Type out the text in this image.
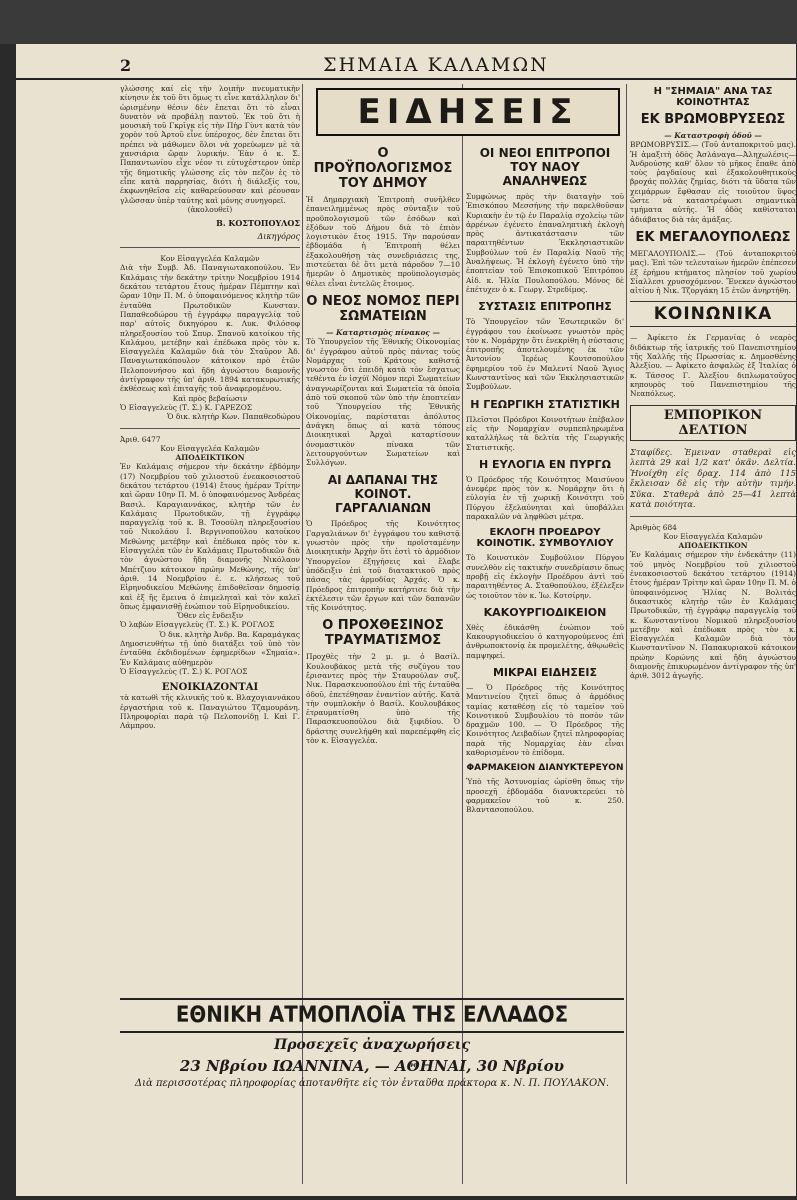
2	ΣΗΜΑΙΑ ΚΑΛΑΜΩΝ

γλώσσης καί εἰς τὴν λοιπὴν πνευματικὴν κίνησιν ἐκ τοῦ ὅτι ὅμως τι εἶνε κατάλληλον δι' ὡρισμένην θέσιν δὲν ἔπεται ὅτι τὸ εἶναι δυνατὸν νὰ προβάλῃ παντοῦ. Ἐκ τοῦ ὅτι ἡ μουσικὴ τοῦ Γκρῖγκ εἰς τὴν Πὴρ Γὺντ κατὰ τὸν χορὸν τοῦ Ἀρτοῦ εἶνε ὑπέροχος, δὲν ἔπεται ὅτι πρέπει νὰ μάθωμεν ὅλοι νὰ χορεύωμεν μὲ τὰ χανσιάρια ὥραν λυρικήν. Ἐὰν ὁ κ. Σ. Παπαντωνίου εἶχε νέον τι εὐτυχέστερον ὑπὲρ τῆς δημοτικῆς γλώσσης εἰς τὸν πεζὸν ἐς τὸ εἶπε κατὰ παρρησίας, διότι ἡ διάλεξίς του, ἐκφωνηθεῖσα εἰς καθαρεύουσαν καὶ ρέουσαν γλῶσσαν ὑπὲρ ταύτης καὶ μόνης συνηγορεῖ.

(ἀκολουθεῖ)

Β. ΚΟΣΤΟΠΟΥΛΟΣ
Δικηγόρος

Κον Εἰσαγγελέα Καλαμῶν

Διὰ τὴν Συμβ. Ἀδ. Παναγιωτακοπούλου. Ἐν Καλάμαις τὴν δεκάτην τρίτην Νοεμβρίου 1914 δεκάτου τετάρτου ἔτους ἡμέραν Πέμπτην καὶ ὥραν 10ην Π. Μ. ὁ ὑποφαινόμενος κλητὴρ τῶν ἐνταῦθα Πρωτοδικῶν Κωνσταν. Παπαθεοδώρου τῇ ἐγγράφῳ παραγγελίᾳ τοῦ παρ' αὐτοῖς δικηγόρου κ. Λυκ. Φιλόσοφ πληρεξουσίου τοῦ Σπυρ. Σπανοῦ κατοίκου τῆς Καλάμου, μετέβην καὶ ἐπέδωκα πρὸς τὸν κ. Εἰσαγγελέα Καλαμῶν διὰ τὸν Σταῦρον Ἀδ. Παναγιωτακόπουλον κάτοικον πρὸ ἐτῶν Πελοποννήσου καὶ ἤδη ἀγνώστου διαμονῆς ἀντίγραφον τῆς ὑπ' ἀριθ. 1894 κατακυρωτικῆς ἐκθέσεως καὶ ἐπιταγῆς τοῦ ἀναφερομένου.

Καὶ πρὸς βεβαίωσιν

Ὁ Εἰσαγγελεὺς (Τ. Σ.) Κ. ΓΑΡΕΖΟΣ

Ὁ δικ. κλητὴρ Κων. Παπαθεοδώρου

Ἀριθ. 6477

Κον Εἰσαγγελέα Καλαμῶν

ΑΠΟΔΕΙΚΤΙΚΟΝ

Ἐν Καλάμαις σήμερον τὴν δεκάτην ἑβδόμην (17) Νοεμβρίου τοῦ χιλιοστοῦ ἐνεακοσιοστοῦ δεκάτου τετάρτου (1914) ἔτους ἡμέραν Τρίτην καὶ ὥραν 10ην Π. Μ. ὁ ὑποφαινόμενος Ἀνδρέας Βασιλ. Καραγιαννάκος, κλητὴρ τῶν ἐν Καλάμαις Πρωτοδικῶν, τῇ ἐγγράφῳ παραγγελίᾳ τοῦ κ. Β. Τσοούλη πληρεξουσίου τοῦ Νικολάου Ι. Βεργινοπούλου κατοίκου Μεθώνης μετέβην καὶ ἐπέδωκα πρὸς τὸν κ. Εἰσαγγελέα τῶν ἐν Καλάμαις Πρωτοδικῶν διὰ τὸν ἀγνώστου ἤδη διαμονῆς Νικόλαον Μπέτζιου κάτοικον πρώην Μεθώνης, τῆς ὑπ' ἀριθ. 14 Νοεμβρίου ἐ. ε. κλήσεως τοῦ Εἰρηνοδικείου Μεθώνης ἐπιδοθεῖσαν δημοσίᾳ καὶ ἐξ ἣς ἔμεινα ὁ ἐπιμεληταὶ καὶ τὸν καλεῖ ὅπως ἐμφανισθῇ ἐνώπιον τοῦ Εἰρηνοδικείου.

Ὅθεν εἰς ἔνδειξιν

Ὁ λαβὼν Εἰσαγγελεὺς (Τ. Σ.) Κ. ΡΟΓΛΟΣ

Ὁ δικ. κλητὴρ Ἀνδρ. Βα. Καραμάγκας

Δημοσιευθήτω τῇ ὑπὸ διατάξει τοῦ ὑπὸ τὸν ἐνταῦθα ἐκδιδομένων ἐφημερίδων «Σημαία». Ἐν Καλάμαις αὐθημερὸν

Ὁ Εἰσαγγελεὺς (Τ. Σ.) Κ. ΡΟΓΛΟΣ

ΕΝΟΙΚΙΑΖΟΝΤΑΙ

τὰ κατωθὶ τῆς κλινικῆς τοῦ κ. Βλαχογιαννάκου ἐργαστήρια τοῦ κ. Παναγιώτου Τζαμουράνη. Πληροφορίαι παρὰ τῷ Πελοπονίδῃ Ι. Καὶ Γ. Λάμπρου.

ΕΙΔΗΣΕΙΣ
Ο ΠΡΟΫΠΟΛΟΓΙΣΜΟΣ ΤΟΥ ΔΗΜΟΥ

Ἡ Δημαρχιακὴ Ἐπιτροπὴ συνῆλθεν ἐπανειλημμένως πρὸς σύνταξιν τοῦ προϋπολογισμοῦ τῶν ἐσόδων καὶ ἐξόδων τοῦ Δήμου διὰ τὸ ἐπιὸν λογιστικὸν ἔτος 1915. Τὴν παρούσαν ἑβδομάδα ἡ Ἐπιτροπὴ θέλει ἐξακολουθήσῃ τὰς συνεδριάσεις της, πιστεύεται δὲ ὅτι μετὰ πάροδον 7—10 ἡμερῶν ὁ Δημοτικὸς προϋπολογισμὸς θέλει εἶναι ἐντελῶς ἕτοιμος.

Ο ΝΕΟΣ ΝΟΜΟΣ ΠΕΡΙ ΣΩΜΑΤΕΙΩΝ

— Καταρτισμὸς πίνακος —

Τὸ Ὑπουργεῖον τῆς Ἐθνικῆς Οἰκονομίας δι' ἐγγράφου αὐτοῦ πρὸς πάντας τοὺς Νομάρχας τοῦ Κράτους καθιστᾷ γνωστὸν ὅτι ἐπειδὴ κατὰ τὸν ἔσχατως τεθέντα ἐν ἰσχύϊ Νόμον περὶ Σωματείων ἀναγνωρίζονται καὶ Σωματεῖα τὰ ὁποῖα ἀπὸ τοῦ σκοποῦ τῶν ὑπὸ τὴν ἐποπτείαν τοῦ Ὑπουργείου τῆς Ἐθνικῆς Οἰκονομίας, παρίσταται ἀπόλυτος ἀνάγκη ὅπως αἱ κατὰ τόπους Διοικητικαὶ Ἀρχαὶ καταρτίσουν ὀνομαστικὸν πίνακα τῶν λειτουργούντων Σωματείων καὶ Συλλόγων.

ΑΙ ΔΑΠΑΝΑΙ ΤΗΣ ΚΟΙΝΟΤ. ΓΑΡΓΑΛΙΑΝΩΝ

Ὁ Πρόεδρος τῆς Κοινότητος Γαργαλιάνων δι' ἐγγράφου του καθιστᾷ γνωστὸν πρὸς τὴν προϊσταμένην Διοικητικὴν Ἀρχὴν ὅτι ἐστὶ τὸ ἀρμόδιον Ὑπουργεῖον ἐξηγήσεις καὶ ἔλαβε ὑπόδειξιν ἐπὶ τοῦ διατακτικοῦ πρὸς πάσας τὰς ἀρμοδίας Ἀρχάς. Ὁ κ. Πρόεδρος ἐπιτροπὴν κατήρτισε διὰ τὴν ἐκτέλεσιν τῶν ἔργων καὶ τῶν δαπανῶν τῆς Κοινότητος.

Ο ΠΡΟΧΘΕΣΙΝΟΣ ΤΡΑΥΜΑΤΙΣΜΟΣ

Προχθὲς τὴν 2 μ. μ. ὁ Βασίλ. Κουλουβάκος μετὰ τῆς συζύγου του ἔρισαντες πρὸς τὴν Σταυρούλαν συζ. Νικ. Παρασκευοπούλου ἐπὶ τῆς ἐνταῦθα ὁδοῦ, ἐπετέθησαν ἐναντίον αὐτῆς. Κατὰ τὴν συμπλοκὴν ὁ Βασίλ. Κουλουβάκος ἐτραυματίσθη ὑπὸ τῆς Παρασκευοπούλου διὰ ξιφιδίου. Ὁ δράστης συνελήφθη καὶ παρεπέμφθη εἰς τὸν κ. Εἰσαγγελέα.

ΟΙ ΝΕΟΙ ΕΠΙΤΡΟΠΟΙ ΤΟΥ ΝΑΟΥ ΑΝΑΛΗΨΕΩΣ

Συμφώνως πρὸς τὴν διαταγὴν τοῦ Ἐπισκόπου Μεσσήνης τὴν παρελθοῦσαν Κυριακὴν ἐν τῷ ἐν Παραλίᾳ σχολείῳ τῶν ἀρρένων ἐγένετο ἐπαναληπτικὴ ἐκλογὴ πρὸς ἀντικατάστασιν τῶν παραιτηθέντων Ἐκκλησιαστικῶν Συμβούλων τοῦ ἐν Παραλίᾳ Ναοῦ τῆς Ἀναλήψεως. Ἡ ἐκλογὴ ἐγένετο ὑπὸ τὴν ἐποπτείαν τοῦ Ἐπισκοπικοῦ Ἐπιτρόπου Αἰδ. κ. Ἠλία Πουλοπούλου. Μόνος δὲ ἐπέτυχεν ὁ κ. Γεωργ. Στρεδίμος.

ΣΥΣΤΑΣΙΣ ΕΠΙΤΡΟΠΗΣ

Τὸ Ὑπουργεῖον τῶν Ἐσωτερικῶν δι' ἐγγράφου του ἐκοίνωσε γνωστὸν πρὸς τὸν κ. Νομάρχην ὅτι ἐνεκρίθη ἡ σύστασις ἐπιτροπῆς ἀποτελουμένης ἐκ τῶν Ἀντονίου Ἰερέως Κουτσοπούλου ἐφημερίου τοῦ ἐν Μαλεντί Ναοῦ Ἅγιος Κωνσταντῖνος καὶ τῶν Ἐκκλησιαστικῶν Συμβούλων.

Η ΓΕΩΡΓΙΚΗ ΣΤΑΤΙΣΤΙΚΗ

Πλεῖστοι Πρόεδροι Κοινοτήτων ἐπέβαλον εἰς τὴν Νομαρχίαν συμπεπληρωμένα καταλλήλως τὰ δελτία τῆς Γεωργικῆς Στατιστικῆς.

Η ΕΥΛΟΓΙΑ ΕΝ ΠΥΡΓΩ

Ὁ Πρόεδρος τῆς Κοινότητος Μαισύνου ἀνεφέρε πρὸς τὸν κ. Νομάρχην ὅτι ἡ εὐλογία ἐν τῇ χωρικῇ Κοινότητι τοῦ Πύργου ἐξελαύνηται καὶ ὑποβάλλει παρακαλῶν νὰ ληφθῶσι μέτρα.

ΕΚΛΟΓΗ ΠΡΟΕΔΡΟΥ ΚΟΙΝΟΤΙΚ. ΣΥΜΒΟΥΛΙΟΥ

Τὸ Κοινοτικὸν Συμβούλιον Πύργου συνελθὸν εἰς τακτικὴν συνεδρίασιν ὅπως προβῇ εἰς ἐκλογὴν Προέδρου ἀντὶ τοῦ παραιτηθέντος Α. Σταθοπούλου, ἐξέλεξεν ὡς τοιοῦτον τὸν κ. Ἰω. Κοτσίρην.

ΚΑΚΟΥΡΓΙΟΔΙΚΕΙΟΝ

Χθὲς ἐδικάσθη ἐνώπιον τοῦ Κακουργιοδικείου ὁ κατηγορούμενος ἐπὶ ἀνθρωποκτονίᾳ ἐκ προμελέτης, ἀθῳωθεὶς παμψηφεί.

ΜΙΚΡΑΙ ΕΙΔΗΣΕΙΣ

— Ὁ Πρόεδρος τῆς Κοινότητος Μαντινείου ζητεῖ ὅπως ὁ ἀρμόδιος ταμίας καταθέσῃ εἰς τὸ ταμεῖον τοῦ Κοινοτικοῦ Συμβουλίου τὸ ποσὸν τῶν δραχμῶν 100. — Ὁ Πρόεδρος τῆς Κοινότητος Λειβαδίων ζητεῖ πληροφορίας παρὰ τῆς Νομαρχίας ἐὰν εἶναι καθορισμένον τὸ ἐπίδομα.

ΦΑΡΜΑΚΕΙΟΝ ΔΙΑΝΥΚΤΕΡΕΥΟΝ

Ὑπὸ τῆς Ἀστυνομίας ὡρίσθη ὅπως τὴν προσεχῆ ἑβδομάδα διανυκτερεύει τὸ φαρμακεῖον τοῦ κ. 250. Βλαντασοπούλου.

Η "ΣΗΜΑΙΑ" ΑΝΑ ΤΑΣ ΚΟΙΝΟΤΗΤΑΣ
ΕΚ ΒΡΩΜΟΒΡΥΣΕΩΣ

— Καταστροφὴ ὁδοῦ —

ΒΡΩΜΟΒΡΥΣΙΣ.— (Τοῦ ἀνταποκριτοῦ μας). Ἡ ἀμαξιτὴ ὁδὸς Ἀσλάναγα—Ἀληχωλέσις—Ἀνδρούσης καθ' ὅλον τὸ μῆκος ἔπαθε ἀπὸ τοὺς ῥαγδαίους καὶ ἐξακολουθητικοὺς βροχάς πολλὰς ζημίας, διότι τὰ ὕδατα τῶν χειμάρρων ἔφθασαν εἰς τοιοῦτον ὕψος ὥστε νὰ καταστρέψωσι σημαντικὰ τμήματα αὐτῆς. Ἡ ὁδὸς καθίσταται ἀδιάβατος διὰ τὰς ἁμάξας.

ΕΚ ΜΕΓΑΛΟΥΠΟΛΕΩΣ

ΜΕΓΑΛΟΥΠΟΛΙΣ.— (Τοῦ ἀνταποκριτοῦ μας). Ἐπὶ τῶν τελευταίων ἡμερῶν ἐπέπεσεν ἐξ ἐρήμου κτήματος πλησίον τοῦ χωρίου Σίαλλεσι χρυσοχόμενον. Ἔνεκεν ἀγνώστου αἰτίου ἡ Νικ. Τζοργάκη 15 ἐτῶν ἀνηρτήθη.

ΚΟΙΝΩΝΙΚΑ

— Ἀφίκετο ἐκ Γερμανίας ὁ νεαρὸς διδάκτωρ τῆς ἰατρικῆς τοῦ Πανεπιστημίου τῆς Χαλλῆς τῆς Πρωσσίας κ. Δημοσθένης Ἀλεξίου. — Ἀφίκετο ἀσφαλῶς ἐξ Ἰταλίας ὁ κ. Τάσσος Γ. Ἀλεξίου διπλωματοῦχος κηπουρὸς τοῦ Πανεπιστημίου τῆς Νεαπόλεως.

ΕΜΠΟΡΙΚΟΝ ΔΕΛΤΙΟΝ

Σταφίδες. Ἐμειναν σταθεραὶ εἰς λεπτὰ 29 καὶ 1/2 κατ' ὀκᾶν. Δελτία. Ἠνοίχθη εἰς δραχ. 114 ἀπὸ 115 ἔκλεισαν δὲ εἰς τὴν αὐτὴν τιμήν. Σῦκα. Σταθερὰ ἀπὸ 25—41 λεπτὰ κατὰ ποιότητα.

Ἀριθμὸς 684

Κον Εἰσαγγελέα Καλαμῶν

ΑΠΟΔΕΙΚΤΙΚΟΝ

Ἐν Καλάμαις σήμερον τὴν ἑνδεκάτην (11) τοῦ μηνὸς Νοεμβρίου τοῦ χιλιοστοῦ ἐνεακοσιοστοῦ δεκάτου τετάρτου (1914) ἔτους ἡμέραν Τρίτην καὶ ὥραν 10ην Π. Μ. ὁ ὑποφαινόμενος Ἠλίας Ν. Βολιτάς δικαστικὸς κλητὴρ τῶν ἐν Καλάμαις Πρωτοδικῶν, τῇ ἐγγράφῳ παραγγελίᾳ τοῦ κ. Κωνσταντίνου Νομικοῦ πληρεξουσίου μετέβην καὶ ἐπέδωκα πρὸς τὸν κ. Εἰσαγγελέα Καλαμῶν διὰ τὸν Κωνσταντῖνον Ν. Παπακυριακοῦ κάτοικον πρώην Κορώνης καὶ ἤδη ἀγνώστου διαμονῆς ἐπικυρωμένον ἀντίγραφον τῆς ὑπ' ἀριθ. 3012 ἀγωγῆς.

ΕΘΝΙΚΗ ΑΤΜΟΠΛΟΪΑ ΤΗΣ ΕΛΛΑΔΟΣ
Προσεχεῖς ἀναχωρήσεις
23 Νβρίου ΙΩΑΝΝΙΝΑ, — ΑΘΗΝΑΙ, 30 Νβρίου
Διὰ περισσοτέρας πληροφορίας ἀποτανθῆτε εἰς τὸν ἐνταῦθα πράκτορα κ. Ν. Π. ΠΟΥΛΑΚΟΝ.
